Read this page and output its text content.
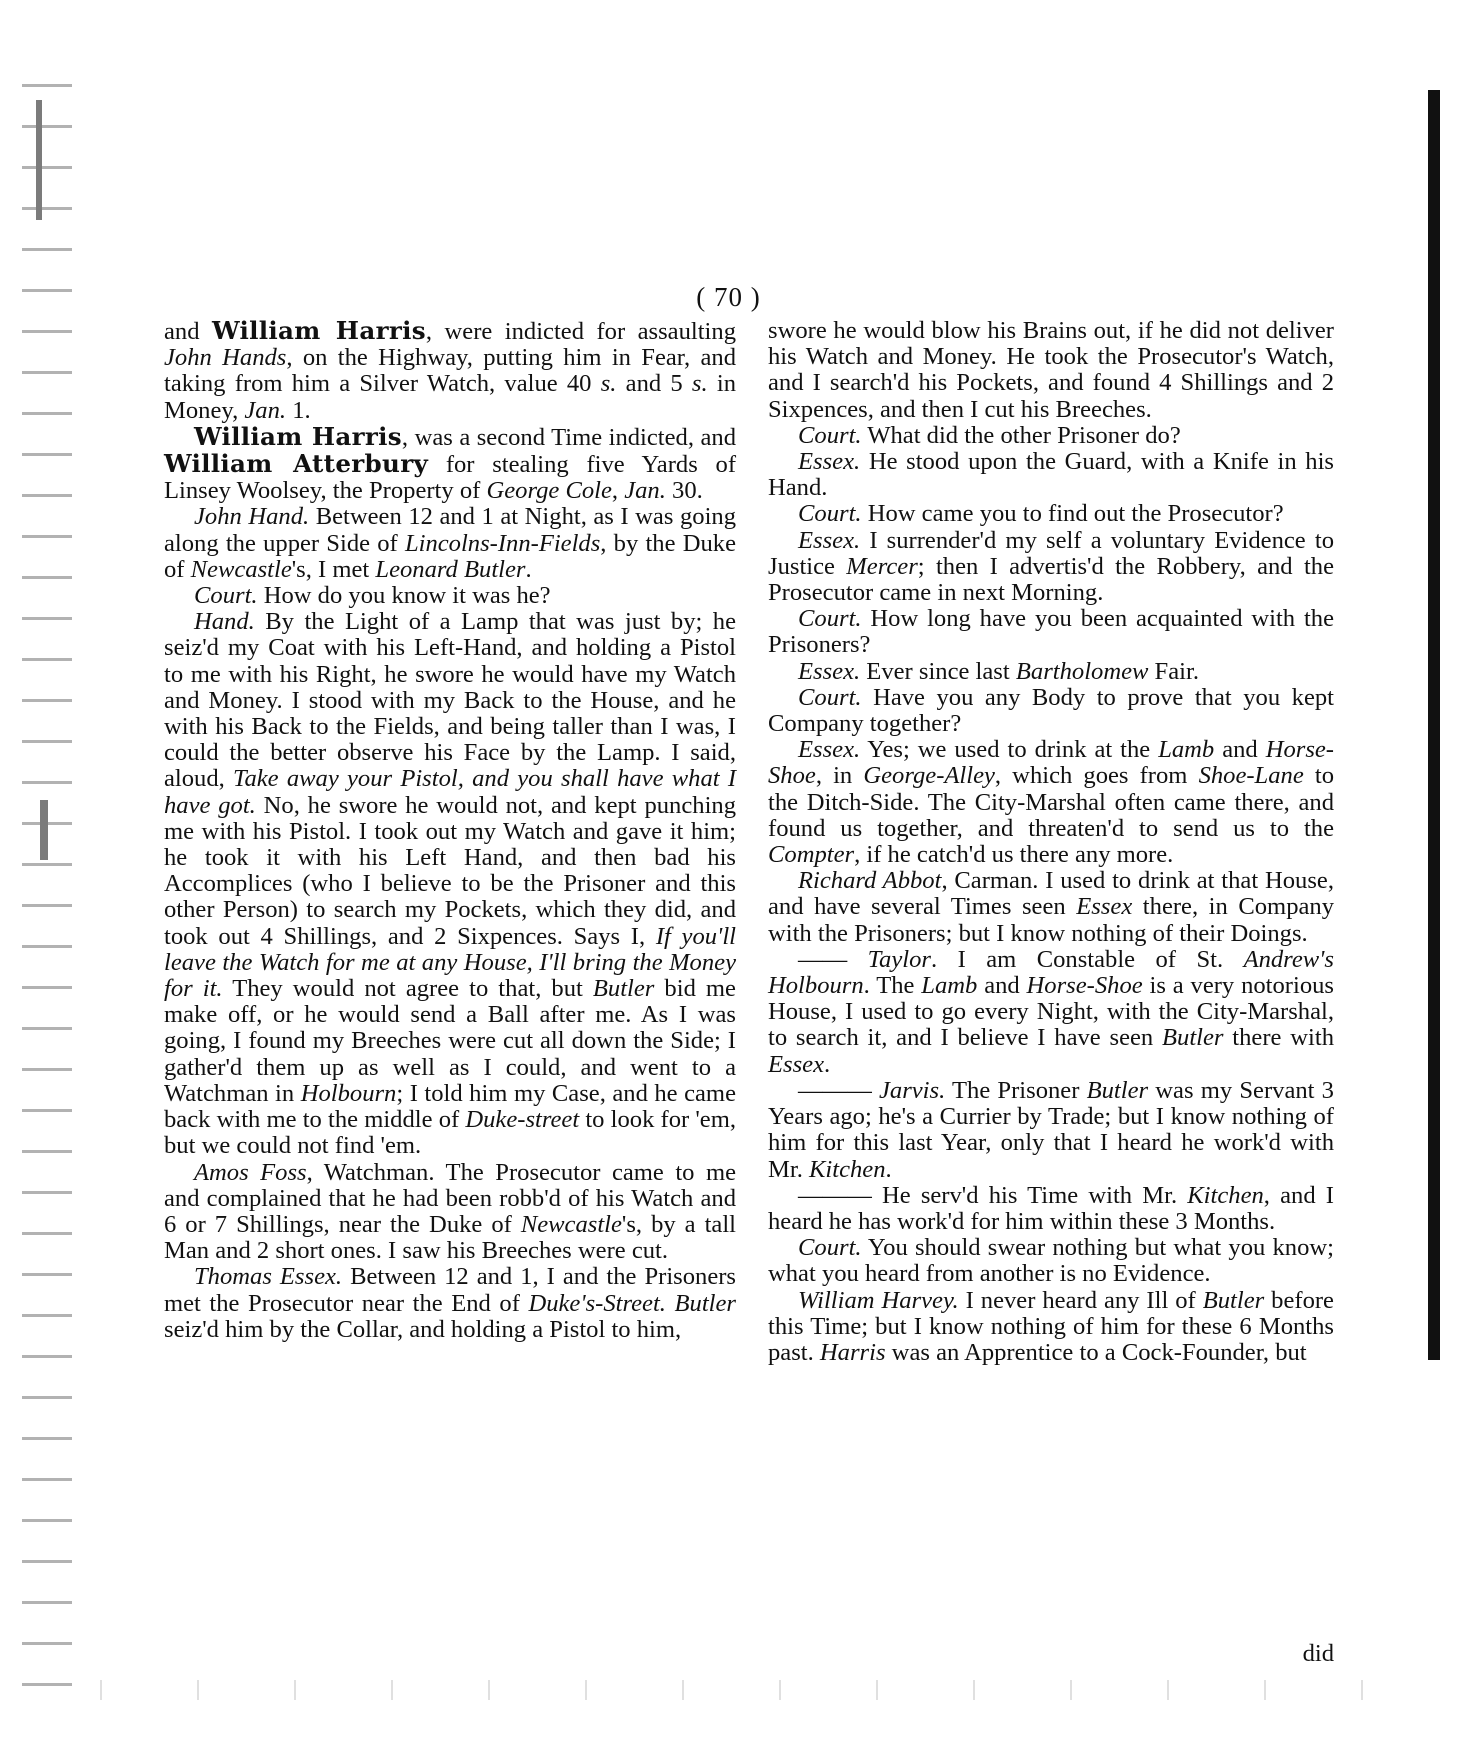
( 70 )

and William Harris, were indicted for assaulting John Hands, on the Highway, putting him in Fear, and taking from him a Silver Watch, value 40 s. and 5 s. in Money, Jan. 1.

William Harris, was a second Time indicted, and William Atterbury for stealing five Yards of Linsey Woolsey, the Property of George Cole, Jan. 30.

John Hand. Between 12 and 1 at Night, as I was going along the upper Side of Lincolns-Inn-Fields, by the Duke of Newcastle's, I met Leonard Butler.

Court. How do you know it was he?

Hand. By the Light of a Lamp that was just by; he seiz'd my Coat with his Left-Hand, and holding a Pistol to me with his Right, he swore he would have my Watch and Money. I stood with my Back to the House, and he with his Back to the Fields, and being taller than I was, I could the better observe his Face by the Lamp. I said, aloud, Take away your Pistol, and you shall have what I have got. No, he swore he would not, and kept punching me with his Pistol. I took out my Watch and gave it him; he took it with his Left Hand, and then bad his Accomplices (who I believe to be the Prisoner and this other Person) to search my Pockets, which they did, and took out 4 Shillings, and 2 Sixpences. Says I, If you'll leave the Watch for me at any House, I'll bring the Money for it. They would not agree to that, but Butler bid me make off, or he would send a Ball after me. As I was going, I found my Breeches were cut all down the Side; I gather'd them up as well as I could, and went to a Watchman in Holbourn; I told him my Case, and he came back with me to the middle of Duke-street to look for 'em, but we could not find 'em.

Amos Foss, Watchman. The Prosecutor came to me and complained that he had been robb'd of his Watch and 6 or 7 Shillings, near the Duke of Newcastle's, by a tall Man and 2 short ones. I saw his Breeches were cut.

Thomas Essex. Between 12 and 1, I and the Prisoners met the Prosecutor near the End of Duke's-Street. Butler seiz'd him by the Collar, and holding a Pistol to him,

swore he would blow his Brains out, if he did not deliver his Watch and Money. He took the Prosecutor's Watch, and I search'd his Pockets, and found 4 Shillings and 2 Sixpences, and then I cut his Breeches.

Court. What did the other Prisoner do?

Essex. He stood upon the Guard, with a Knife in his Hand.

Court. How came you to find out the Prosecutor?

Essex. I surrender'd my self a voluntary Evidence to Justice Mercer; then I advertis'd the Robbery, and the Prosecutor came in next Morning.

Court. How long have you been acquainted with the Prisoners?

Essex. Ever since last Bartholomew Fair.

Court. Have you any Body to prove that you kept Company together?

Essex. Yes; we used to drink at the Lamb and Horse-Shoe, in George-Alley, which goes from Shoe-Lane to the Ditch-Side. The City-Marshal often came there, and found us together, and threaten'd to send us to the Compter, if he catch'd us there any more.

Richard Abbot, Carman. I used to drink at that House, and have several Times seen Essex there, in Company with the Prisoners; but I know nothing of their Doings.

—— Taylor. I am Constable of St. Andrew's Holbourn. The Lamb and Horse-Shoe is a very notorious House, I used to go every Night, with the City-Marshal, to search it, and I believe I have seen Butler there with Essex.

——— Jarvis. The Prisoner Butler was my Servant 3 Years ago; he's a Currier by Trade; but I know nothing of him for this last Year, only that I heard he work'd with Mr. Kitchen.

——— He serv'd his Time with Mr. Kitchen, and I heard he has work'd for him within these 3 Months.

Court. You should swear nothing but what you know; what you heard from another is no Evidence.

William Harvey. I never heard any Ill of Butler before this Time; but I know nothing of him for these 6 Months past. Harris was an Apprentice to a Cock-Founder, but

did
